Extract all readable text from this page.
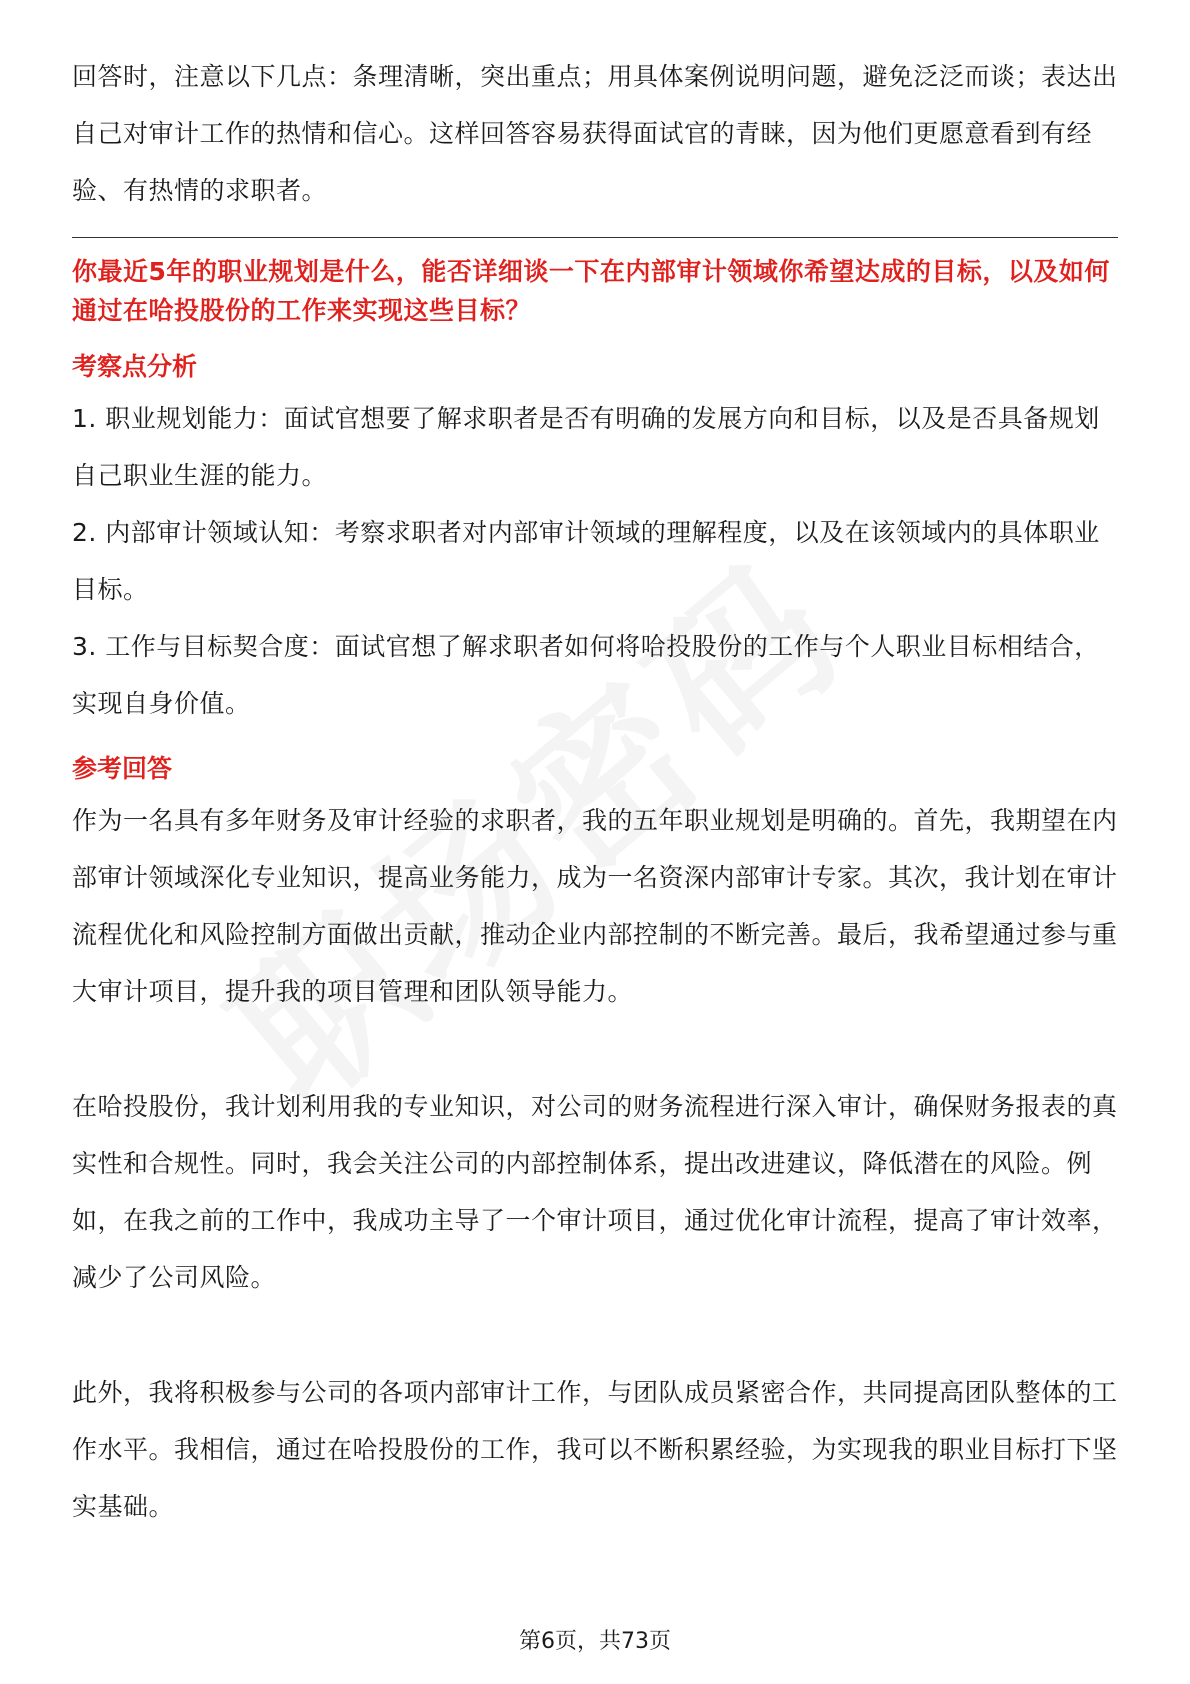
回答时，注意以下几点：条理清晰，突出重点；用具体案例说明问题，避免泛泛而谈；表达出自己对审计工作的热情和信心。这样回答容易获得面试官的青睐，因为他们更愿意看到有经验、有热情的求职者。

你最近5年的职业规划是什么，能否详细谈一下在内部审计领域你希望达成的目标，以及如何通过在哈投股份的工作来实现这些目标？

考察点分析

1. 职业规划能力：面试官想要了解求职者是否有明确的发展方向和目标，以及是否具备规划自己职业生涯的能力。

2. 内部审计领域认知：考察求职者对内部审计领域的理解程度，以及在该领域内的具体职业目标。

3. 工作与目标契合度：面试官想了解求职者如何将哈投股份的工作与个人职业目标相结合，实现自身价值。

参考回答

作为一名具有多年财务及审计经验的求职者，我的五年职业规划是明确的。首先，我期望在内部审计领域深化专业知识，提高业务能力，成为一名资深内部审计专家。其次，我计划在审计流程优化和风险控制方面做出贡献，推动企业内部控制的不断完善。最后，我希望通过参与重大审计项目，提升我的项目管理和团队领导能力。

在哈投股份，我计划利用我的专业知识，对公司的财务流程进行深入审计，确保财务报表的真实性和合规性。同时，我会关注公司的内部控制体系，提出改进建议，降低潜在的风险。例如，在我之前的工作中，我成功主导了一个审计项目，通过优化审计流程，提高了审计效率，减少了公司风险。

此外，我将积极参与公司的各项内部审计工作，与团队成员紧密合作，共同提高团队整体的工作水平。我相信，通过在哈投股份的工作，我可以不断积累经验，为实现我的职业目标打下坚实基础。

第6页，共73页
